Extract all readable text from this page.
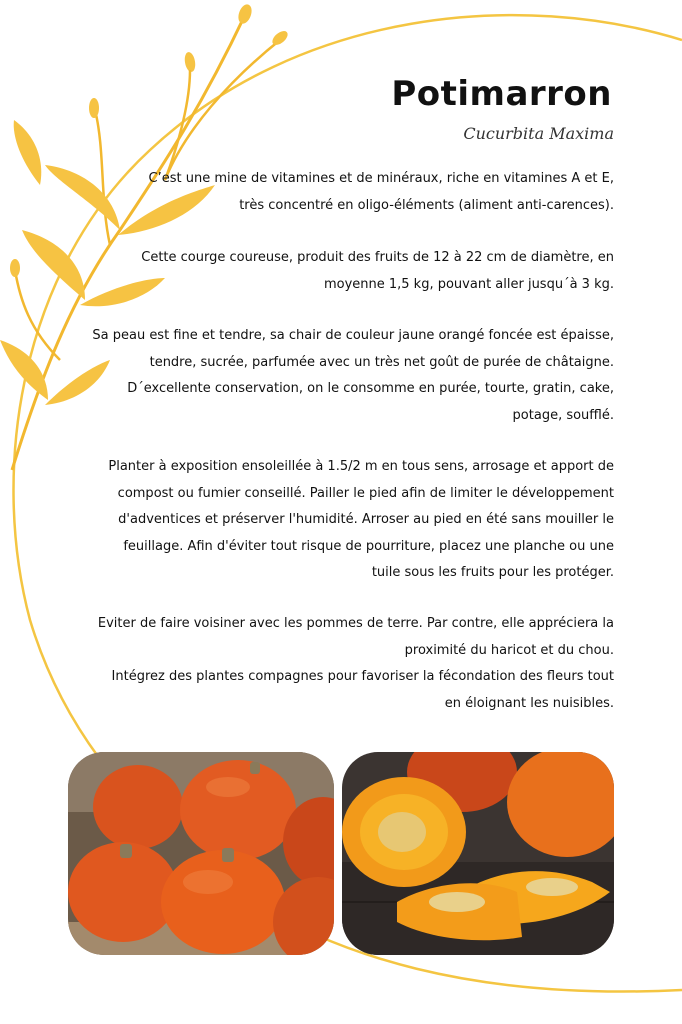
Potimarron
Cucurbita Maxima

C’est une mine de vitamines et de minéraux, riche en vitamines A et E,
très concentré en oligo-éléments (aliment anti-carences).

Cette courge coureuse, produit des fruits de 12 à 22 cm de diamètre, en
moyenne 1,5 kg, pouvant aller jusqu´à 3 kg.

Sa peau est fine et tendre, sa chair de couleur jaune orangé foncée est épaisse,
tendre, sucrée, parfumée avec un très net goût de purée de châtaigne.
D´excellente conservation, on le consomme en purée, tourte, gratin, cake,
potage, soufflé.

Planter à exposition ensoleillée à 1.5/2 m en tous sens, arrosage et apport de
compost ou fumier conseillé. Pailler le pied afin de limiter le développement
d'adventices et préserver l'humidité. Arroser au pied en été sans mouiller le
feuillage. Afin d'éviter tout risque de pourriture, placez une planche ou une
tuile sous les fruits pour les protéger.

Eviter de faire voisiner avec les pommes de terre. Par contre, elle appréciera la
proximité du haricot et du chou.
Intégrez des plantes compagnes pour favoriser la fécondation des fleurs tout
en éloignant les nuisibles.
